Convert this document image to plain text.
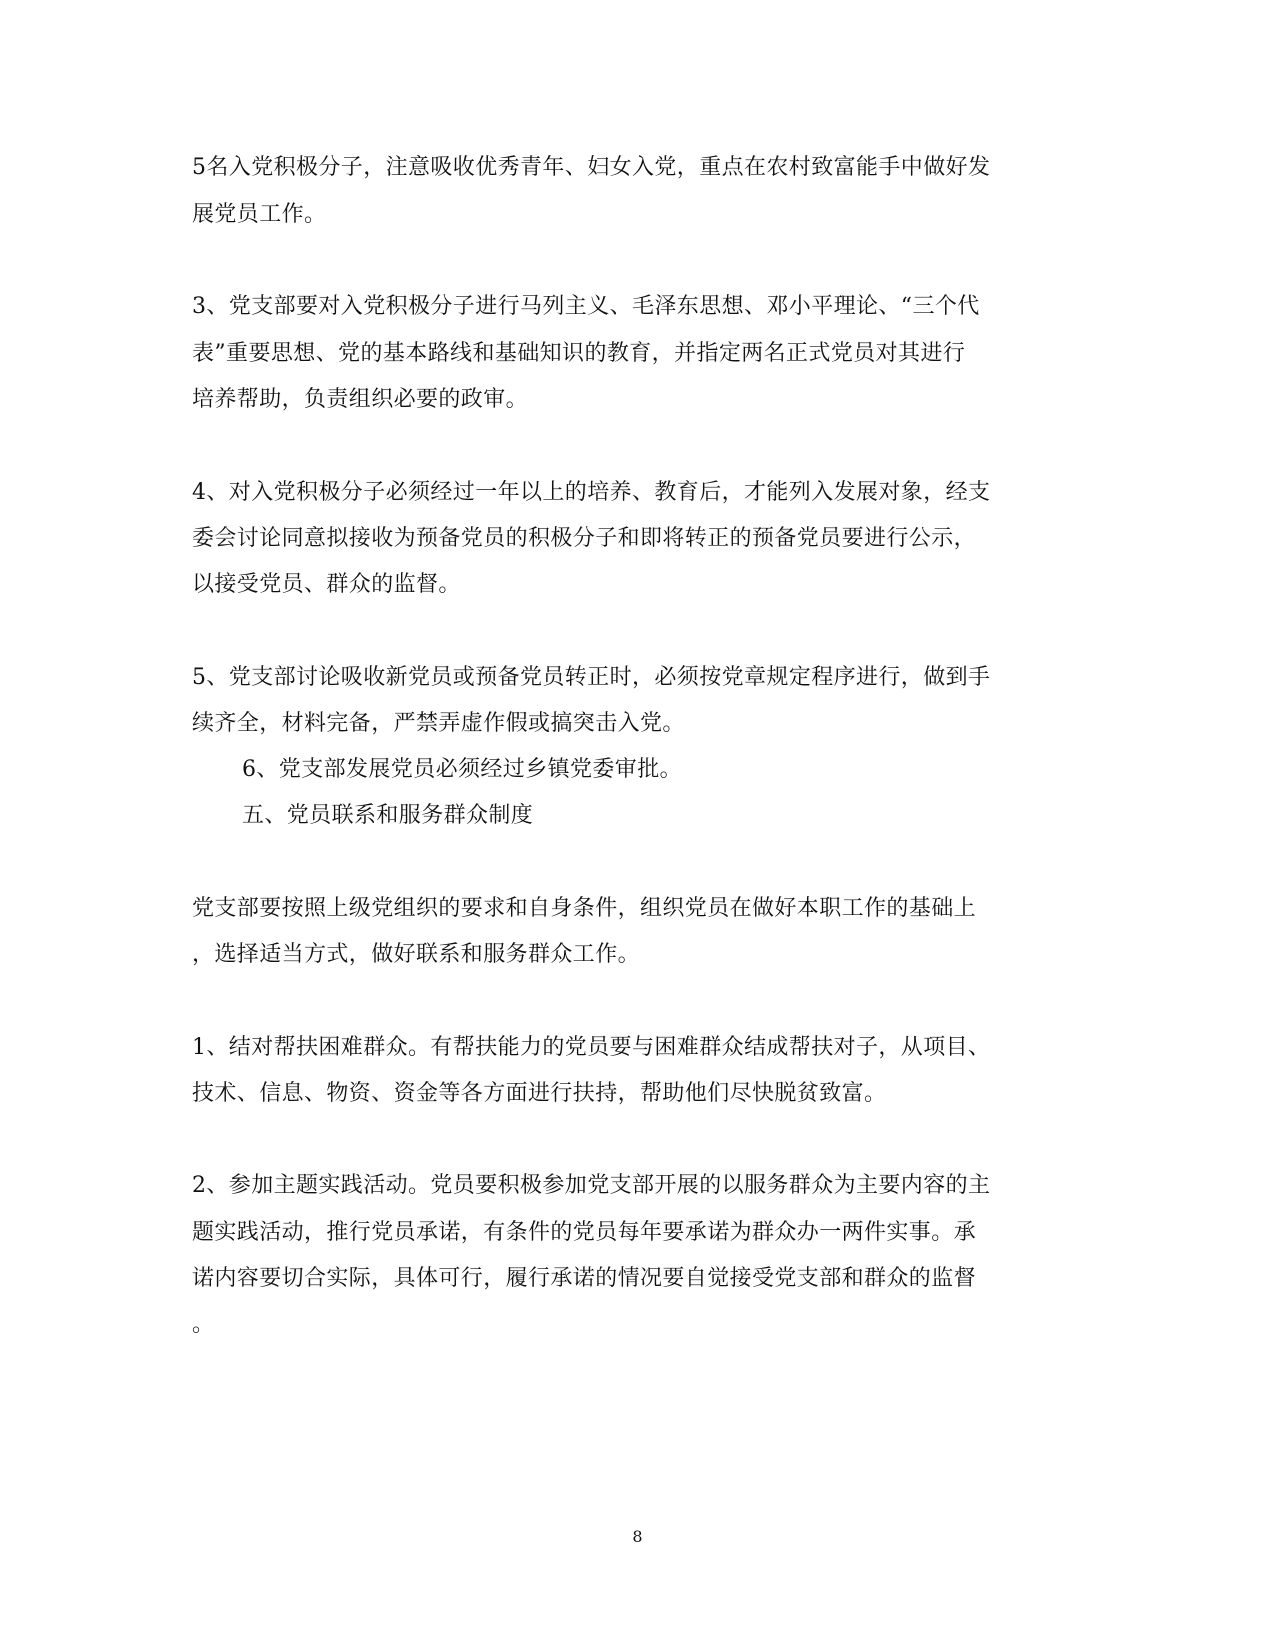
5名入党积极分子，注意吸收优秀青年、妇女入党，重点在农村致富能手中做好发
展党员工作。
3、党支部要对入党积极分子进行马列主义、毛泽东思想、邓小平理论、“三个代
表”重要思想、党的基本路线和基础知识的教育，并指定两名正式党员对其进行
培养帮助，负责组织必要的政审。
4、对入党积极分子必须经过一年以上的培养、教育后，才能列入发展对象，经支
委会讨论同意拟接收为预备党员的积极分子和即将转正的预备党员要进行公示，
以接受党员、群众的监督。
5、党支部讨论吸收新党员或预备党员转正时，必须按党章规定程序进行，做到手
续齐全，材料完备，严禁弄虚作假或搞突击入党。
6、党支部发展党员必须经过乡镇党委审批。
五、党员联系和服务群众制度
党支部要按照上级党组织的要求和自身条件，组织党员在做好本职工作的基础上
，选择适当方式，做好联系和服务群众工作。
1、结对帮扶困难群众。有帮扶能力的党员要与困难群众结成帮扶对子，从项目、
技术、信息、物资、资金等各方面进行扶持，帮助他们尽快脱贫致富。
2、参加主题实践活动。党员要积极参加党支部开展的以服务群众为主要内容的主
题实践活动，推行党员承诺，有条件的党员每年要承诺为群众办一两件实事。承
诺内容要切合实际，具体可行，履行承诺的情况要自觉接受党支部和群众的监督
。
8
